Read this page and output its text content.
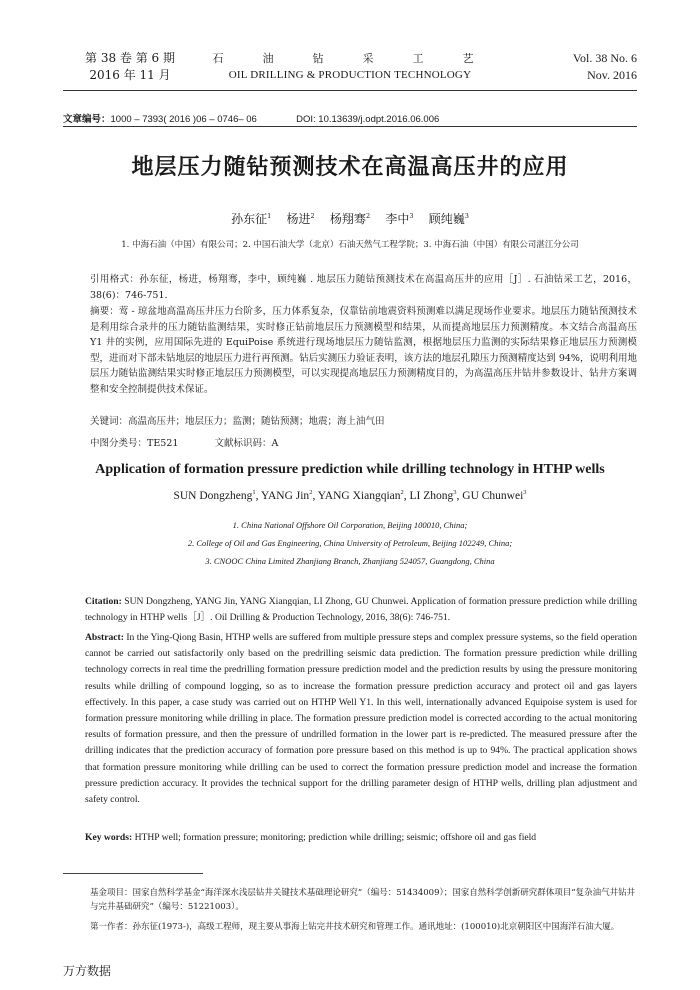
第 38 卷 第 6 期
2016 年 11 月
石　油　钻　采　工　艺
OIL DRILLING & PRODUCTION TECHNOLOGY
Vol. 38 No. 6
Nov. 2016
文章编号：1000 – 7393( 2016 )06 – 0746– 06	DOI: 10.13639/j.odpt.2016.06.006
地层压力随钻预测技术在高温高压井的应用
孙东征$^1$ 杨进$^2$ 杨翔骞$^2$ 李中$^3$ 顾纯巍$^3$
1. 中海石油（中国）有限公司；2. 中国石油大学（北京）石油天然气工程学院；3. 中海石油（中国）有限公司湛江分公司
引用格式：孙东征，杨进，杨翔骞，李中，顾纯巍 . 地层压力随钻预测技术在高温高压井的应用［J］. 石油钻采工艺，2016，38(6)：746-751.
摘要：莺 - 琼盆地高温高压井压力台阶多，压力体系复杂，仅靠钻前地震资料预测难以满足现场作业要求。地层压力随钻预测技术是利用综合录井的压力随钻监测结果，实时修正钻前地层压力预测模型和结果，从而提高地层压力预测精度。本文结合高温高压 Y1 井的实例，应用国际先进的 EquiPoise 系统进行现场地层压力随钻监测，根据地层压力监测的实际结果修正地层压力预测模型，进而对下部未钻地层的地层压力进行再预测。钻后实测压力验证表明，该方法的地层孔隙压力预测精度达到 94%，说明利用地层压力随钻监测结果实时修正地层压力预测模型，可以实现提高地层压力预测精度目的，为高温高压井钻井参数设计、钻井方案调整和安全控制提供技术保证。
关键词：高温高压井；地层压力；监测；随钻预测；地震；海上油气田
中图分类号：TE521	文献标识码：A
Application of formation pressure prediction while drilling technology in HTHP wells
SUN Dongzheng$^1$, YANG Jin$^2$, YANG Xiangqian$^2$, LI Zhong$^3$, GU Chunwei$^3$
1. China National Offshore Oil Corporation, Beijing 100010, China;
2. College of Oil and Gas Engineering, China University of Petroleum, Beijing 102249, China;
3. CNOOC China Limited Zhanjiang Branch, Zhanjiang 524057, Guangdong, China
Citation: SUN Dongzheng, YANG Jin, YANG Xiangqian, LI Zhong, GU Chunwei. Application of formation pressure prediction while drilling technology in HTHP wells［J］. Oil Drilling & Production Technology, 2016, 38(6): 746-751.
Abstract: In the Ying-Qiong Basin, HTHP wells are suffered from multiple pressure steps and complex pressure systems, so the field operation cannot be carried out satisfactorily only based on the predrilling seismic data prediction. The formation pressure prediction while drilling technology corrects in real time the predrilling formation pressure prediction model and the prediction results by using the pressure monitoring results while drilling of compound logging, so as to increase the formation pressure prediction accuracy and protect oil and gas layers effectively. In this paper, a case study was carried out on HTHP Well Y1. In this well, internationally advanced Equipoise system is used for formation pressure monitoring while drilling in place. The formation pressure prediction model is corrected according to the actual monitoring results of formation pressure, and then the pressure of undrilled formation in the lower part is re-predicted. The measured pressure after the drilling indicates that the prediction accuracy of formation pore pressure based on this method is up to 94%. The practical application shows that formation pressure monitoring while drilling can be used to correct the formation pressure prediction model and increase the formation pressure prediction accuracy. It provides the technical support for the drilling parameter design of HTHP wells, drilling plan adjustment and safety control.
Key words: HTHP well; formation pressure; monitoring; prediction while drilling; seismic; offshore oil and gas field
基金项目：国家自然科学基金“海洋深水浅层钻井关键技术基础理论研究”（编号：51434009）；国家自然科学创新研究群体项目“复杂油气井钻井与完井基础研究”（编号：51221003）。
第一作者：孙东征(1973-)，高级工程师，现主要从事海上钻完井技术研究和管理工作。通讯地址：(100010)北京朝阳区中国海洋石油大厦。
万方数据
